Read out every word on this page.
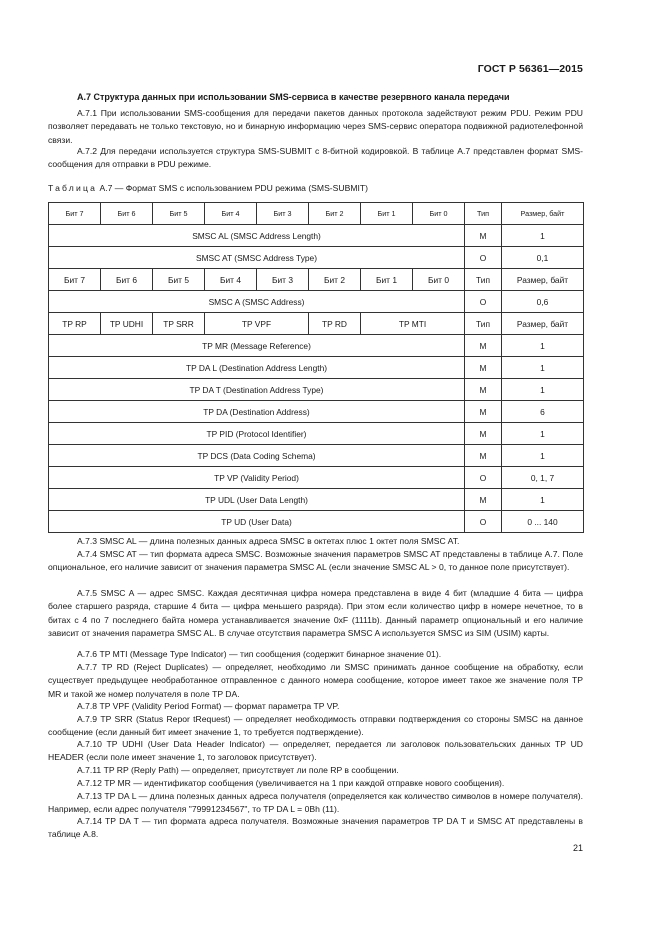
ГОСТ Р 56361—2015
А.7 Структура данных при использовании SMS-сервиса в качестве резервного канала передачи
А.7.1 При использовании SMS-сообщения для передачи пакетов данных протокола задействуют режим PDU. Режим PDU позволяет передавать не только текстовую, но и бинарную информацию через SMS-сервис оператора подвижной радиотелефонной связи.
А.7.2 Для передачи используется структура SMS-SUBMIT с 8-битной кодировкой. В таблице А.7 представлен формат SMS-сообщения для отправки в PDU режиме.
Таблица А.7 — Формат SMS с использованием PDU режима (SMS-SUBMIT)
Бит 7	Бит 6	Бит 5	Бит 4	Бит 3	Бит 2	Бит 1	Бит 0	Тип	Размер, байт
SMSC AL (SMSC Address Length)								M	1
SMSC AT (SMSC Address Type)								O	0,1
Бит 7	Бит 6	Бит 5	Бит 4	Бит 3	Бит 2	Бит 1	Бит 0	Тип	Размер, байт
SMSC A (SMSC Address)								O	0,6
TP RP	TP UDHI	TP SRR	TP VPF		TP RD	TP MTI		Тип	Размер, байт
TP MR (Message Reference)								M	1
TP DA L (Destination Address Length)								M	1
TP DA T (Destination Address Type)								M	1
TP DA (Destination Address)								M	6
TP PID (Protocol Identifier)								M	1
TP DCS (Data Coding Schema)								M	1
TP VP (Validity Period)								O	0, 1, 7
TP UDL (User Data Length)								M	1
TP UD (User Data)								O	0 ... 140
А.7.3 SMSC AL — длина полезных данных адреса SMSC в октетах плюс 1 октет поля SMSC AT.
А.7.4 SMSC AT — тип формата адреса SMSC. Возможные значения параметров SMSC AT представлены в таблице А.7. Поле опциональное, его наличие зависит от значения параметра SMSC AL (если значение SMSC AL > 0, то данное поле присутствует).
А.7.5 SMSC A — адрес SMSC. Каждая десятичная цифра номера представлена в виде 4 бит (младшие 4 бита — цифра более старшего разряда, старшие 4 бита — цифра меньшего разряда). При этом если количество цифр в номере нечетное, то в битах с 4 по 7 последнего байта номера устанавливается значение 0xF (1111b). Данный параметр опциональный и его наличие зависит от значения параметра SMSC AL. В случае отсутствия параметра SMSC A используется SMSC из SIM (USIM) карты.
А.7.6 TP MTI (Message Type Indicator) — тип сообщения (содержит бинарное значение 01).
А.7.7 TP RD (Reject Duplicates) — определяет, необходимо ли SMSC принимать данное сообщение на обработку, если существует предыдущее необработанное отправленное с данного номера сообщение, которое имеет такое же значение поля TP MR и такой же номер получателя в поле TP DA.
А.7.8 TP VPF (Validity Period Format) — формат параметра TP VP.
А.7.9 TP SRR (Status Repor tRequest) — определяет необходимость отправки подтверждения со стороны SMSC на данное сообщение (если данный бит имеет значение 1, то требуется подтверждение).
А.7.10 TP UDHI (User Data Header Indicator) — определяет, передается ли заголовок пользовательских данных TP UD HEADER (если поле имеет значение 1, то заголовок присутствует).
А.7.11 TP RP (Reply Path) — определяет, присутствует ли поле RP в сообщении.
А.7.12 TP MR — идентификатор сообщения (увеличивается на 1 при каждой отправке нового сообщения).
А.7.13 TP DA L — длина полезных данных адреса получателя (определяется как количество символов в номере получателя). Например, если адрес получателя "79991234567", то TP DA L = 0Bh (11).
А.7.14 TP DA T — тип формата адреса получателя. Возможные значения параметров TP DA T и SMSC AT представлены в таблице А.8.
21
